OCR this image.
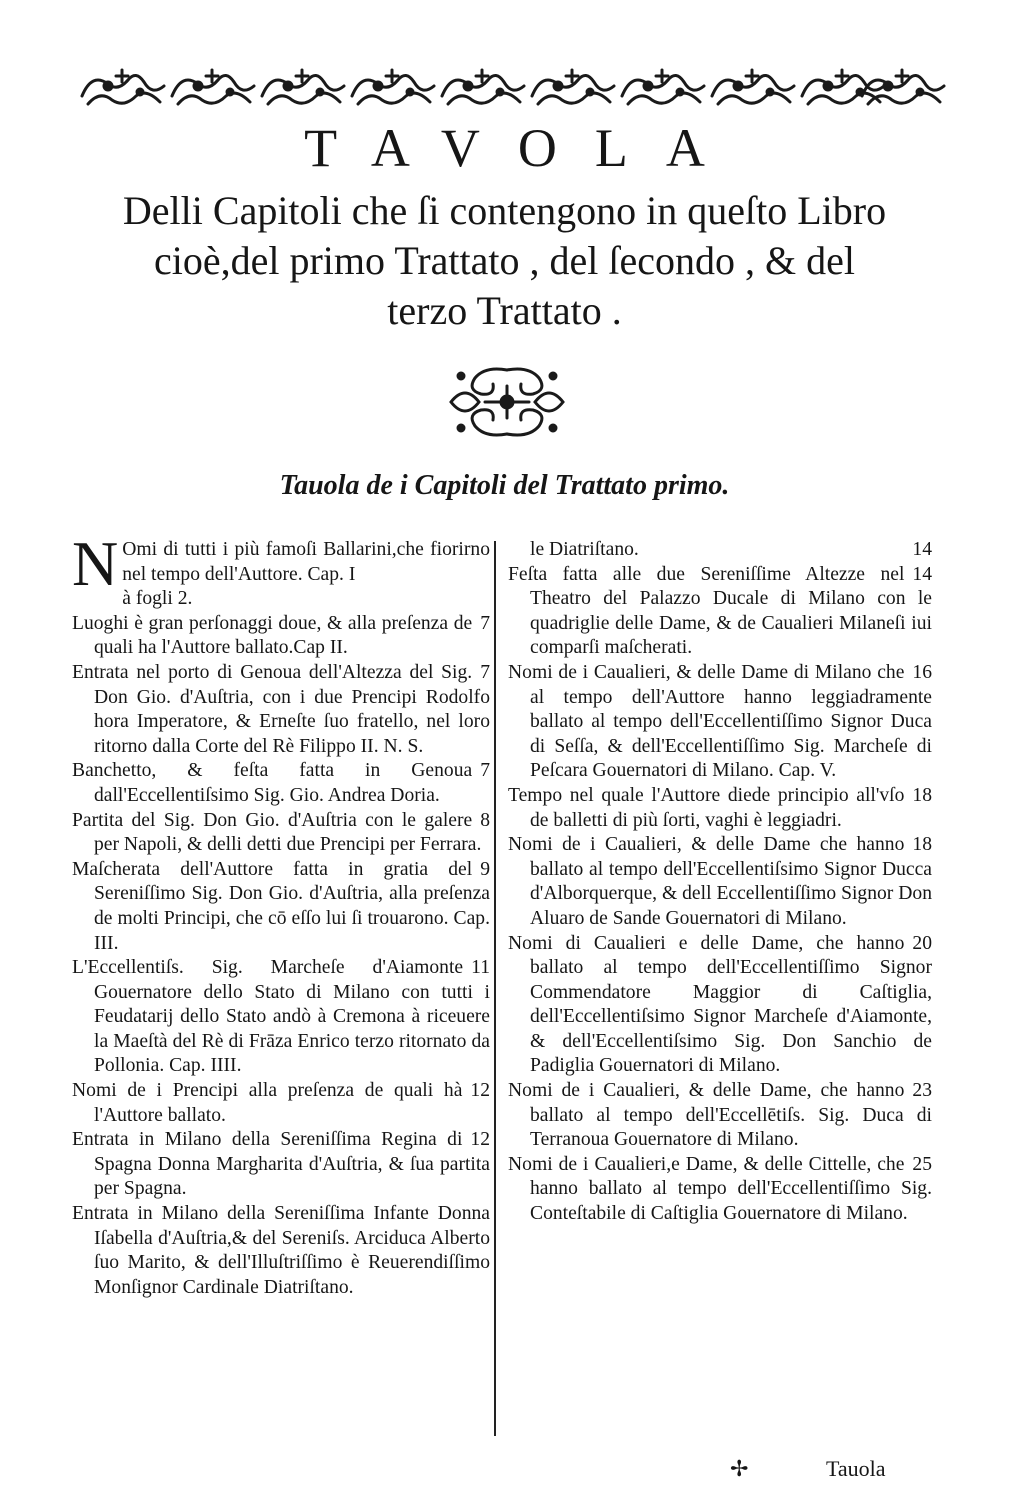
TAVOLA
Delli Capitoli che ſi contengono in queſto Libro
cioè,del primo Trattato , del ſecondo , & del
terzo Trattato .
Tauola de i Capitoli del Trattato primo.

N Omi di tutti i più famoſi Ballarini,che fiorirno nel tempo dell'Auttore. Cap. I

à fogli 2.

7
Luoghi è gran perſonaggi doue, & alla preſenza de quali ha l'Auttore ballato.Cap II.

7
Entrata nel porto di Genoua dell'Altezza del Sig. Don Gio. d'Auſtria, con i due Prencipi Rodolfo hora Imperatore, & Erneſte ſuo fratello, nel loro ritorno dalla Corte del Rè Filippo II. N. S.

7
Banchetto, & feſta fatta in Genoua dall'Eccellentiſsimo Sig. Gio. Andrea Doria.

8
Partita del Sig. Don Gio. d'Auſtria con le galere per Napoli, & delli detti due Prencipi per Ferrara.

9
Maſcherata dell'Auttore fatta in gratia del Sereniſſimo Sig. Don Gio. d'Auſtria, alla preſenza de molti Principi, che cō eſſo lui ſi trouarono. Cap. III.

11
L'Eccellentiſs. Sig. Marcheſe d'Aiamonte Gouernatore dello Stato di Milano con tutti i Feudatarij dello Stato andò à Cremona à riceuere la Maeſtà del Rè di Frāza Enrico terzo ritornato da Pollonia. Cap. IIII.

12
Nomi de i Prencipi alla preſenza de quali hà l'Auttore ballato.

12
Entrata in Milano della Sereniſſima Regina di Spagna Donna Margharita d'Auſtria, & ſua partita per Spagna.

Entrata in Milano della Sereniſſima Infante Donna Iſabella d'Auſtria,& del Sereniſs. Arciduca Alberto ſuo Marito, & dell'Illuſtriſſimo è Reuerendiſſimo Monſignor Cardinale Diatriſtano.

14
le Diatriſtano.

14
Feſta fatta alle due Sereniſſime Altezze nel Theatro del Palazzo Ducale di Milano con le quadriglie delle Dame, & de Caualieri Milaneſi iui comparſi maſcherati.

16
Nomi de i Caualieri, & delle Dame di Milano che al tempo dell'Auttore hanno leggiadramente ballato al tempo dell'Eccellentiſſimo Signor Duca di Seſſa, & dell'Eccellentiſſimo Sig. Marcheſe di Peſcara Gouernatori di Milano. Cap. V.

18
Tempo nel quale l'Auttore diede principio all'vſo de balletti di più ſorti, vaghi è leggiadri.

18
Nomi de i Caualieri, & delle Dame che hanno ballato al tempo dell'Eccellentiſsimo Signor Ducca d'Alborquerque, & dell Eccellentiſſimo Signor Don Aluaro de Sande Gouernatori di Milano.

20
Nomi di Caualieri e delle Dame, che hanno ballato al tempo dell'Eccellentiſſimo Signor Commendatore Maggior di Caſtiglia, dell'Eccellentiſsimo Signor Marcheſe d'Aiamonte, & dell'Eccellentiſsimo Sig. Don Sanchio de Padiglia Gouernatori di Milano.

23
Nomi de i Caualieri, & delle Dame, che hanno ballato al tempo dell'Eccellētiſs. Sig. Duca di Terranoua Gouernatore di Milano.

25
Nomi de i Caualieri,e Dame, & delle Cittelle, che hanno ballato al tempo dell'Eccellentiſſimo Sig. Conteſtabile di Caſtiglia Gouernatore di Milano.

✢	Tauola
